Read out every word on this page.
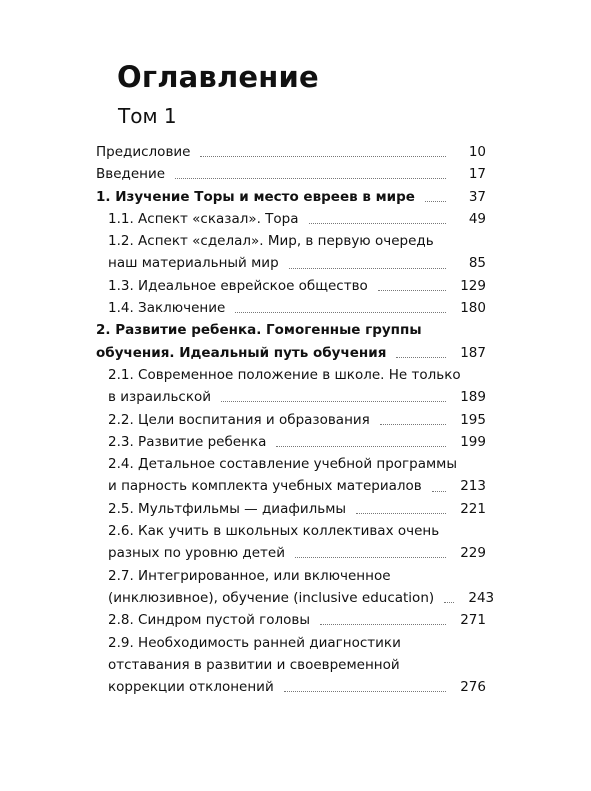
Оглавление
Том 1
Предисловие	10
Введение	17
1. Изучение Торы и место евреев в мире	37
1.1. Аспект «сказал». Тора	49
1.2. Аспект «сделал». Мир, в первую очередь
наш материальный мир	85
1.3. Идеальное еврейское общество	129
1.4. Заключение	180
2. Развитие ребенка. Гомогенные группы
обучения. Идеальный путь обучения	187
2.1. Современное положение в школе. Не только
в израильской	189
2.2. Цели воспитания и образования	195
2.3. Развитие ребенка	199
2.4. Детальное составление учебной программы
и парность комплекта учебных материалов	213
2.5. Мультфильмы — диафильмы	221
2.6. Как учить в школьных коллективах очень
разных по уровню детей	229
2.7. Интегрированное, или включенное
(инклюзивное), обучение (inclusive education)	243
2.8. Синдром пустой головы	271
2.9. Необходимость ранней диагностики
отставания в развитии и своевременной
коррекции отклонений	276
